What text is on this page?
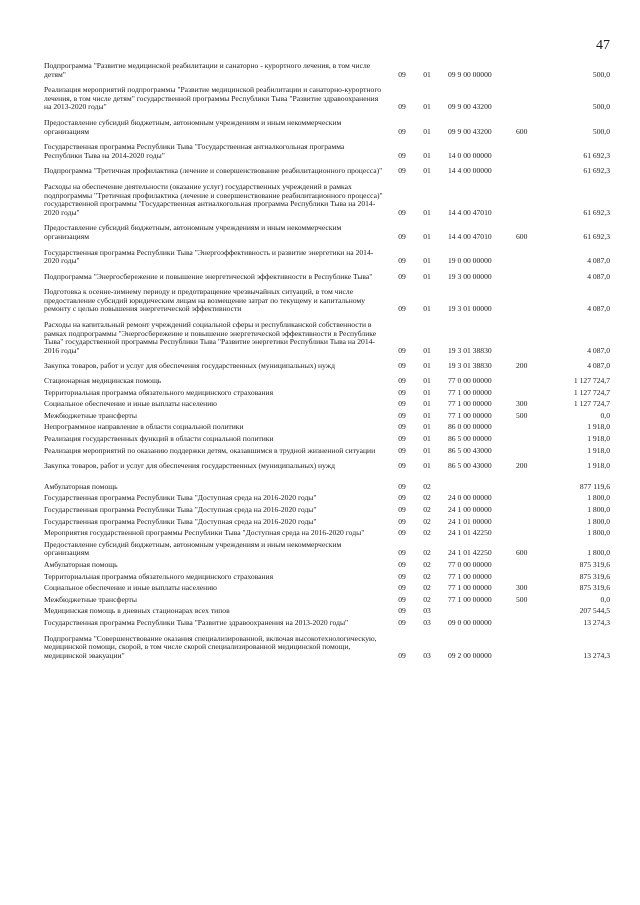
47
Подпрограмма "Развитие медицинской реабилитации и санаторно - курортного лечения, в том числе детям"	09	01	09 9 00 00000	500,0
Реализация мероприятий подпрограммы "Развитие медицинской реабилитации и санаторно-курортного лечения, в том числе детям" государственной программы Республики Тыва "Развитие здравоохранения на 2013-2020 годы"	09	01	09 9 00 43200	500,0
Предоставление субсидий бюджетным, автономным учреждениям и иным некоммерческим организациям	09	01	09 9 00 43200	600	500,0
Государственная программа Республики Тыва "Государственная антиалкогольная программа Республики Тыва на 2014-2020 годы"	09	01	14 0 00 00000	61 692,3
Подпрограмма "Третичная профилактика (лечение и совершенствование реабилитационного процесса)"	09	01	14 4 00 00000	61 692,3
Расходы на обеспечение деятельности (оказание услуг) государственных учреждений в рамках подпрограммы "Третичная профилактика (лечение и совершенствование реабилитационного процесса)" государственной программы "Государственная антиалкогольная программа Республики Тыва на 2014-2020 годы"	09	01	14 4 00 47010	61 692,3
Предоставление субсидий бюджетным, автономным учреждениям и иным некоммерческим организациям	09	01	14 4 00 47010	600	61 692,3
Государственная программа Республики Тыва "Энергоэффективность и развитие энергетики на 2014-2020 годы"	09	01	19 0 00 00000	4 087,0
Подпрограмма "Энергосбережение и повышение энергетической эффективности в Республике Тыва"	09	01	19 3 00 00000	4 087,0
Подготовка к осенне-зимнему периоду и предотвращение чрезвычайных ситуаций, в том числе предоставление субсидий юридическим лицам на возмещение затрат по текущему и капитальному ремонту с целью повышения энергетической эффективности	09	01	19 3 01 00000	4 087,0
Расходы на капитальный ремонт учреждений социальной сферы и республиканской собственности в рамках подпрограммы "Энергосбережение и повышение энергетической эффективности в Республике Тыва" государственной программы Республики Тыва "Развитие энергетики Республики Тыва на 2014-2016 годы"	09	01	19 3 01 38830	4 087,0
Закупка товаров, работ и услуг для обеспечения государственных (муниципальных) нужд	09	01	19 3 01 38830	200	4 087,0
Стационарная медицинская помощь	09	01	77 0 00 00000	1 127 724,7
Территориальная программа обязательного медицинского страхования	09	01	77 1 00 00000	1 127 724,7
Социальное обеспечение и иные выплаты населению	09	01	77 1 00 00000	300	1 127 724,7
Межбюджетные трансферты	09	01	77 1 00 00000	500	0,0
Непрограммное направление в области социальной политики	09	01	86 0 00 00000	1 918,0
Реализация государственных функций в области социальной политики	09	01	86 5 00 00000	1 918,0
Реализация мероприятий по оказанию поддержки детям, оказавшимся в трудной жизненной ситуации	09	01	86 5 00 43000	1 918,0
Закупка товаров, работ и услуг для обеспечения государственных (муниципальных) нужд	09	01	86 5 00 43000	200	1 918,0
Амбулаторная помощь	09	02	877 119,6
Государственная программа Республики Тыва "Доступная среда на 2016-2020 годы"	09	02	24 0 00 00000	1 800,0
Государственная программа Республики Тыва "Доступная среда на 2016-2020 годы"	09	02	24 1 00 00000	1 800,0
Государственная программа Республики Тыва "Доступная среда на 2016-2020 годы"	09	02	24 1 01 00000	1 800,0
Мероприятия государственной программы Республики Тыва "Доступная среда на 2016-2020 годы"	09	02	24 1 01 42250	1 800,0
Предоставление субсидий бюджетным, автономным учреждениям и иным некоммерческим организациям	09	02	24 1 01 42250	600	1 800,0
Амбулаторная помощь	09	02	77 0 00 00000	875 319,6
Территориальная программа обязательного медицинского страхования	09	02	77 1 00 00000	875 319,6
Социальное обеспечение и иные выплаты населению	09	02	77 1 00 00000	300	875 319,6
Межбюджетные трансферты	09	02	77 1 00 00000	500	0,0
Медицинская помощь в дневных стационарах всех типов	09	03	207 544,5
Государственная программа Республики Тыва "Развитие здравоохранения на 2013-2020 годы"	09	03	09 0 00 00000	13 274,3
Подпрограмма "Совершенствование оказания специализированной, включая высокотехнологическую, медицинской помощи, скорой, в том числе скорой специализированной медицинской помощи, медицинской эвакуации"	09	03	09 2 00 00000	13 274,3
